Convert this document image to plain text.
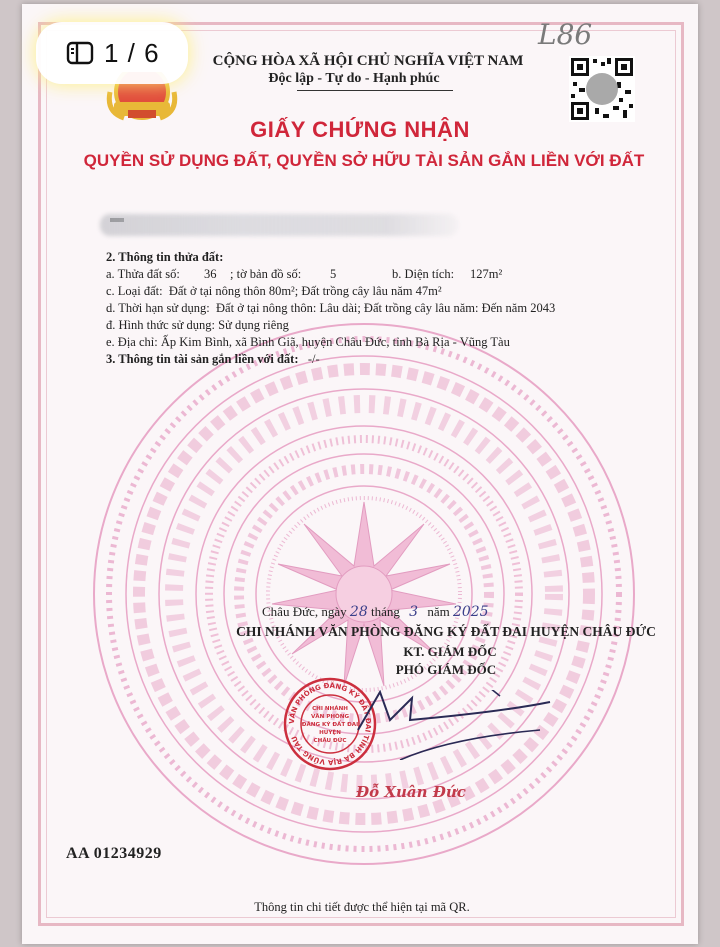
1 / 6	CỘNG HÒA XÃ HỘI CHỦ NGHĨA VIỆT NAM
Độc lập - Tự do - Hạnh phúc
L86
GIẤY CHỨNG NHẬN
QUYỀN SỬ DỤNG ĐẤT, QUYỀN SỞ HỮU TÀI SẢN GẮN LIỀN VỚI ĐẤT
2. Thông tin thửa đất:
a. Thửa đất số: 36 ; tờ bản đồ số: 5	b. Diện tích: 127m²
c. Loại đất: Đất ở tại nông thôn 80m²; Đất trồng cây lâu năm 47m²
d. Thời hạn sử dụng: Đất ở tại nông thôn: Lâu dài; Đất trồng cây lâu năm: Đến năm 2043
đ. Hình thức sử dụng: Sử dụng riêng
e. Địa chỉ: Ấp Kim Bình, xã Bình Giã, huyện Châu Đức, tỉnh Bà Rịa - Vũng Tàu
3. Thông tin tài sản gắn liền với đất: -/-
Châu Đức, ngày 28 tháng 3 năm 2025
CHI NHÁNH VĂN PHÒNG ĐĂNG KÝ ĐẤT ĐAI HUYỆN CHÂU ĐỨC
KT. GIÁM ĐỐC
PHÓ GIÁM ĐỐC
VĂN PHÒNG ĐĂNG KÝ ĐẤT ĐAI TỈNH BÀ RỊA VŨNG TÀU
CHI NHÁNH
VĂN PHÒNG
ĐĂNG KÝ ĐẤT ĐAI
HUYỆN
CHÂU ĐỨC
Đỗ Xuân Đức
AA 01234929
Thông tin chi tiết được thể hiện tại mã QR.
